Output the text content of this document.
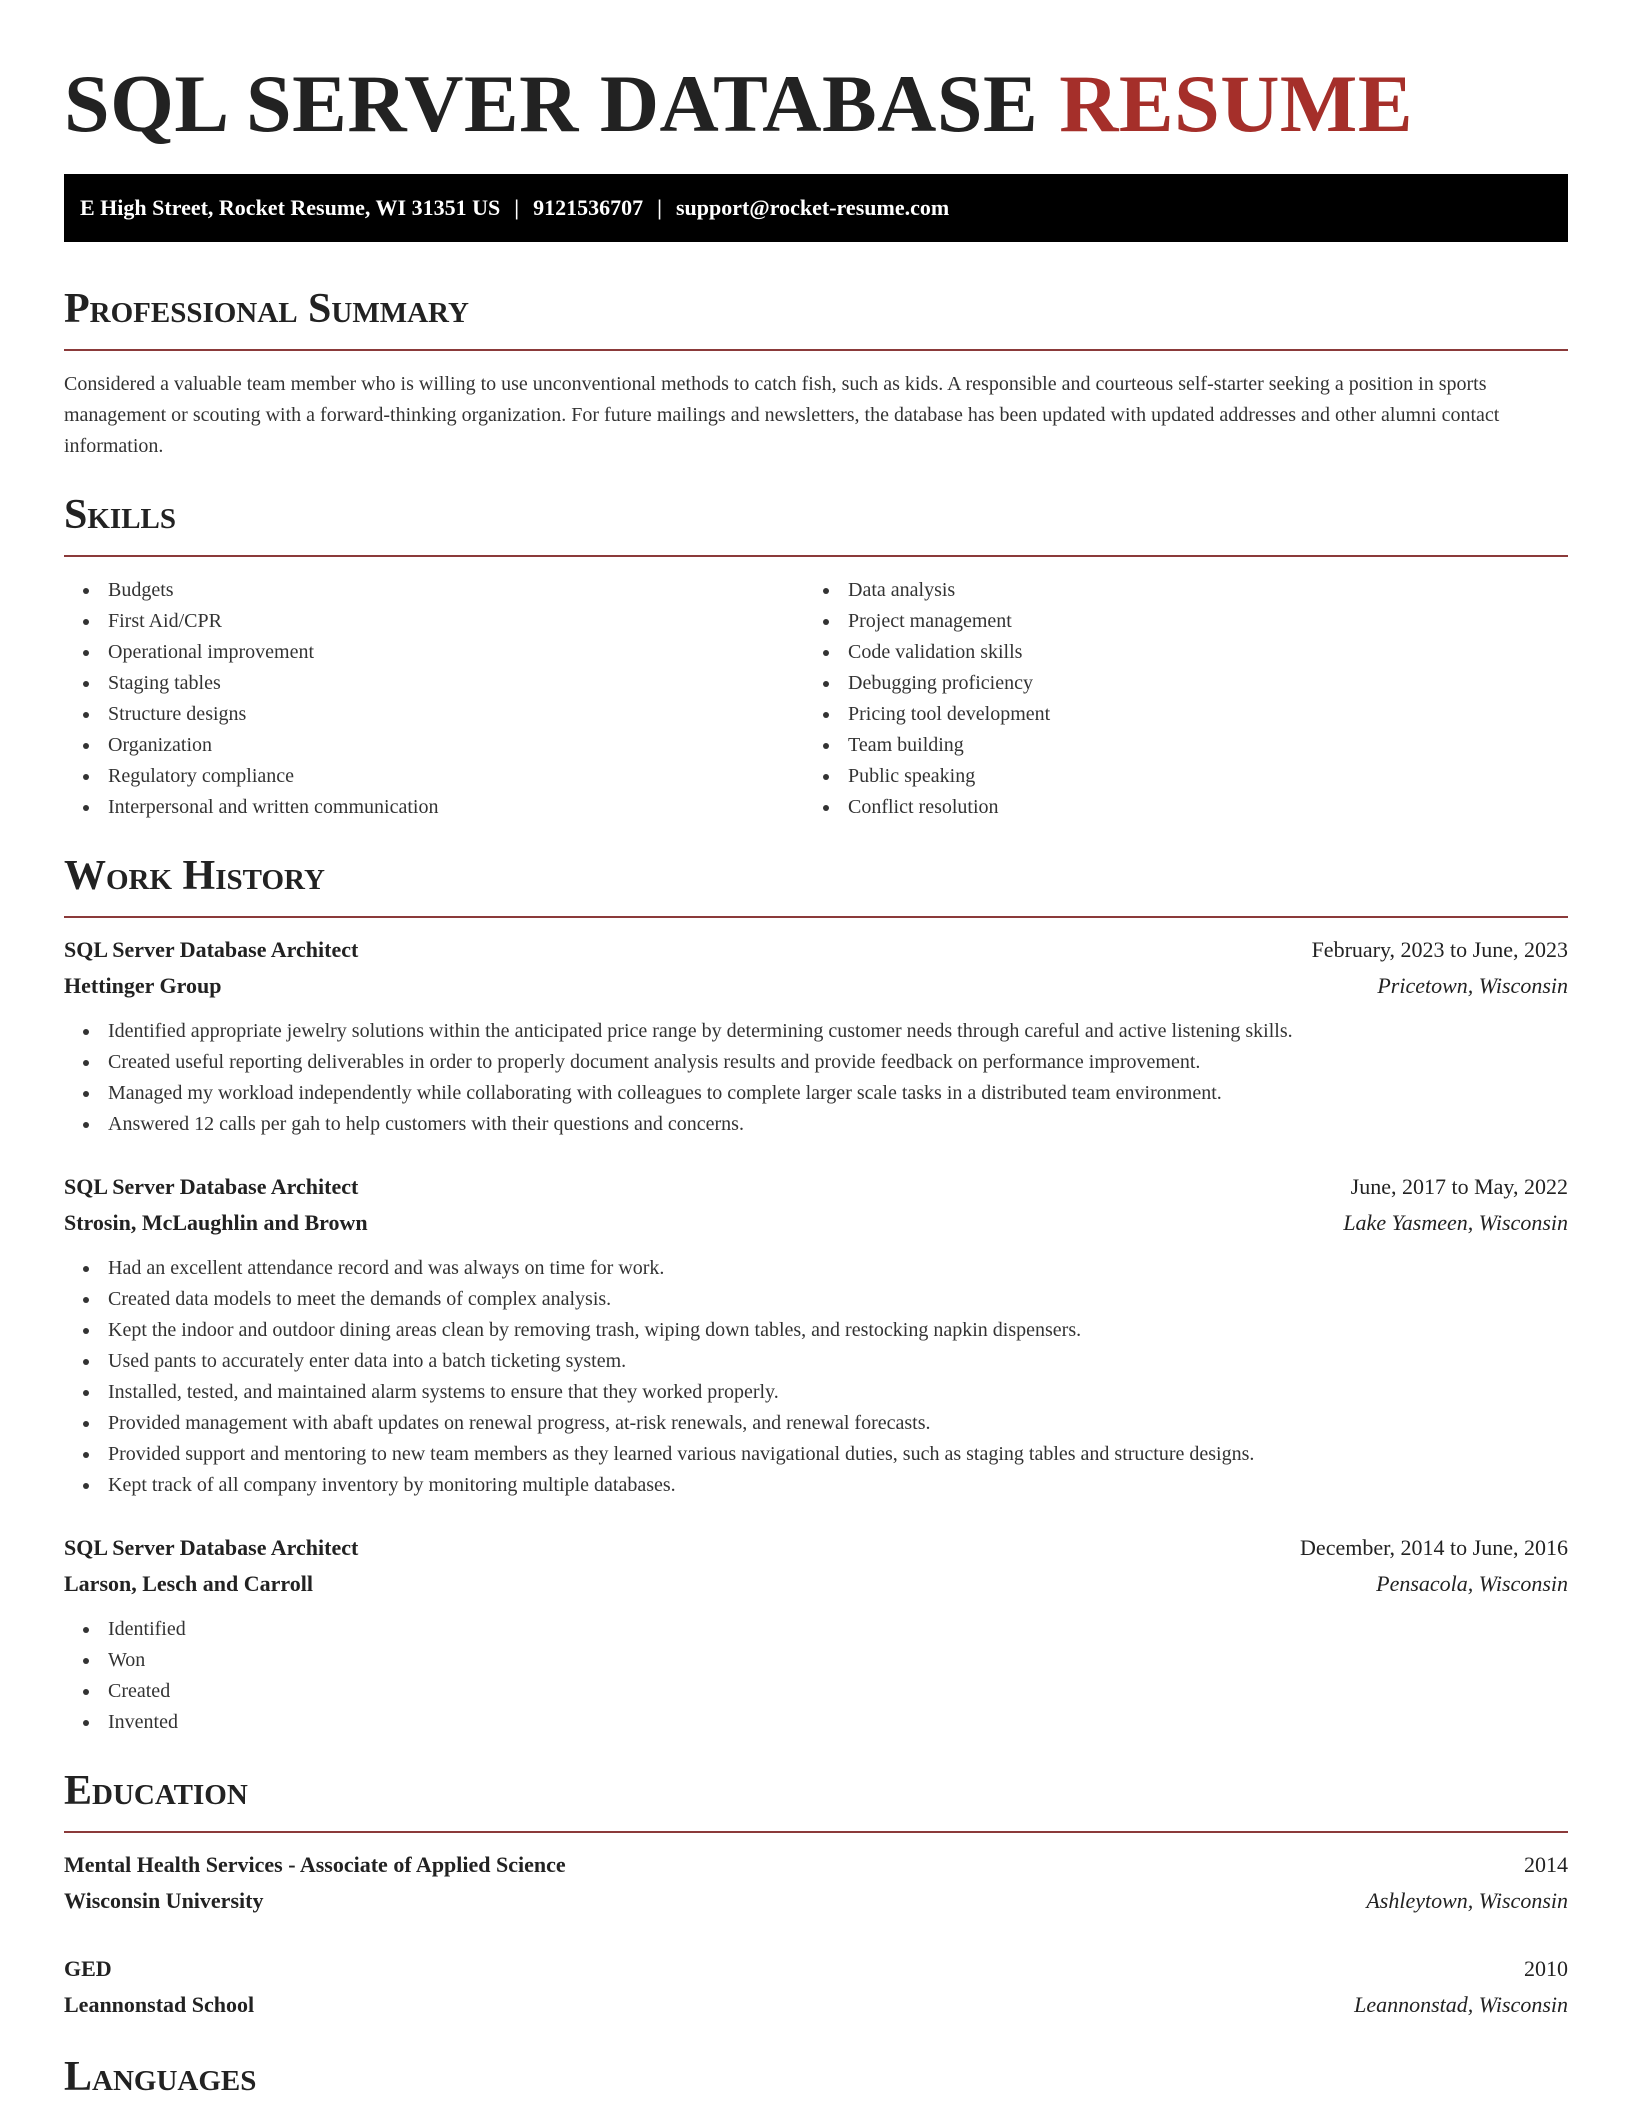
SQL SERVER DATABASE RESUME
E High Street, Rocket Resume, WI 31351 US | 9121536707 | support@rocket-resume.com
Professional Summary

Considered a valuable team member who is willing to use unconventional methods to catch fish, such as kids. A responsible and courteous self-starter seeking a position in sports management or scouting with a forward-thinking organization. For future mailings and newsletters, the database has been updated with updated addresses and other alumni contact information.

Skills
Budgets
First Aid/CPR
Operational improvement
Staging tables
Structure designs
Organization
Regulatory compliance
Interpersonal and written communication
Data analysis
Project management
Code validation skills
Debugging proficiency
Pricing tool development
Team building
Public speaking
Conflict resolution
Work History
SQL Server Database Architect	February, 2023 to June, 2023
Hettinger Group	Pricetown, Wisconsin
Identified appropriate jewelry solutions within the anticipated price range by determining customer needs through careful and active listening skills.
Created useful reporting deliverables in order to properly document analysis results and provide feedback on performance improvement.
Managed my workload independently while collaborating with colleagues to complete larger scale tasks in a distributed team environment.
Answered 12 calls per gah to help customers with their questions and concerns.
SQL Server Database Architect	June, 2017 to May, 2022
Strosin, McLaughlin and Brown	Lake Yasmeen, Wisconsin
Had an excellent attendance record and was always on time for work.
Created data models to meet the demands of complex analysis.
Kept the indoor and outdoor dining areas clean by removing trash, wiping down tables, and restocking napkin dispensers.
Used pants to accurately enter data into a batch ticketing system.
Installed, tested, and maintained alarm systems to ensure that they worked properly.
Provided management with abaft updates on renewal progress, at-risk renewals, and renewal forecasts.
Provided support and mentoring to new team members as they learned various navigational duties, such as staging tables and structure designs.
Kept track of all company inventory by monitoring multiple databases.
SQL Server Database Architect	December, 2014 to June, 2016
Larson, Lesch and Carroll	Pensacola, Wisconsin
Identified
Won
Created
Invented
Education
Mental Health Services - Associate of Applied Science	2014
Wisconsin University	Ashleytown, Wisconsin
GED	2010
Leannonstad School	Leannonstad, Wisconsin
Languages
